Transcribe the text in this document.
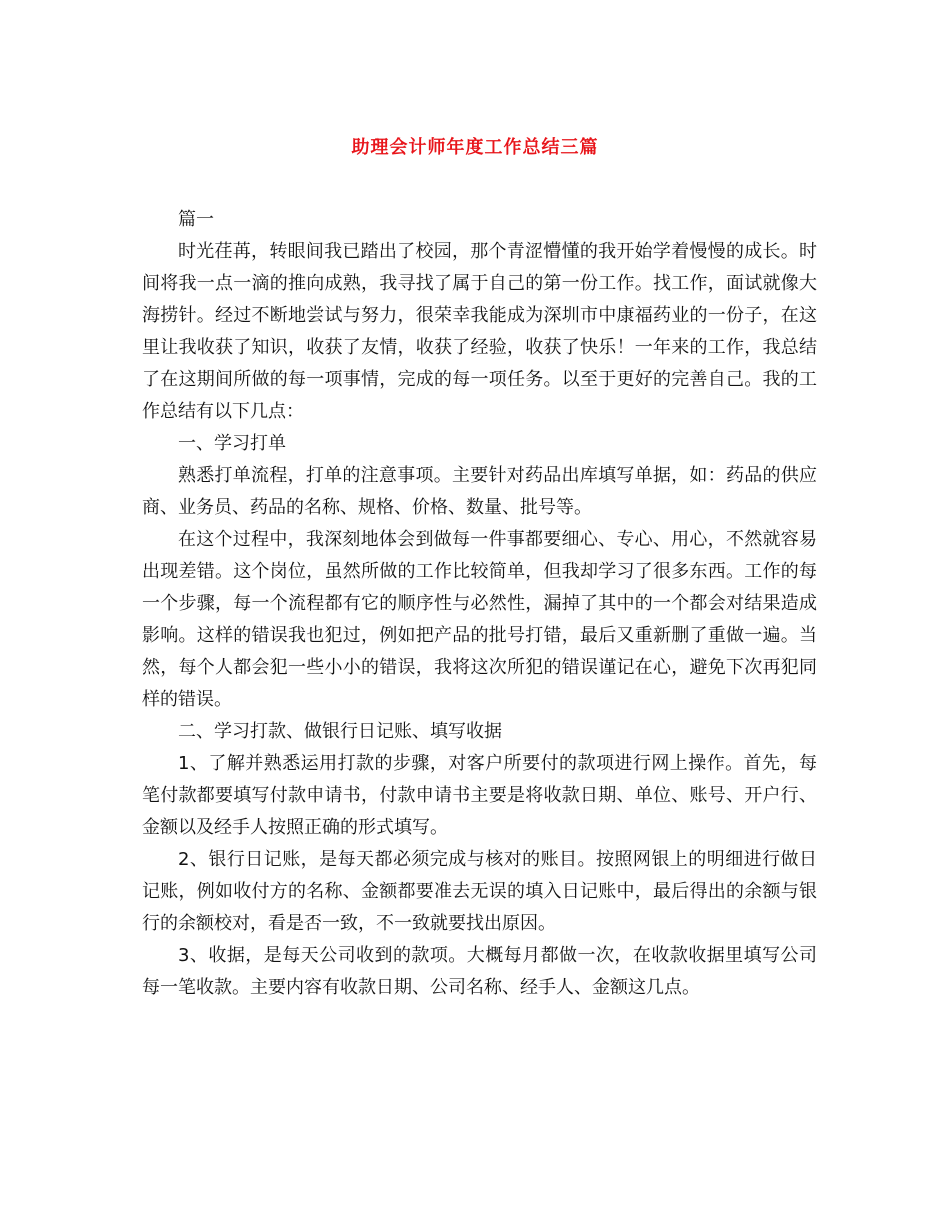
助理会计师年度工作总结三篇

篇一

时光荏苒，转眼间我已踏出了校园，那个青涩懵懂的我开始学着慢慢的成长。时间将我一点一滴的推向成熟，我寻找了属于自己的第一份工作。找工作，面试就像大海捞针。经过不断地尝试与努力，很荣幸我能成为深圳市中康福药业的一份子，在这里让我收获了知识，收获了友情，收获了经验，收获了快乐！一年来的工作，我总结了在这期间所做的每一项事情，完成的每一项任务。以至于更好的完善自己。我的工作总结有以下几点：

一、学习打单

熟悉打单流程，打单的注意事项。主要针对药品出库填写单据，如：药品的供应商、业务员、药品的名称、规格、价格、数量、批号等。

在这个过程中，我深刻地体会到做每一件事都要细心、专心、用心，不然就容易出现差错。这个岗位，虽然所做的工作比较简单，但我却学习了很多东西。工作的每一个步骤，每一个流程都有它的顺序性与必然性，漏掉了其中的一个都会对结果造成影响。这样的错误我也犯过，例如把产品的批号打错，最后又重新删了重做一遍。当然，每个人都会犯一些小小的错误，我将这次所犯的错误谨记在心，避免下次再犯同样的错误。

二、学习打款、做银行日记账、填写收据

1、了解并熟悉运用打款的步骤，对客户所要付的款项进行网上操作。首先，每笔付款都要填写付款申请书，付款申请书主要是将收款日期、单位、账号、开户行、金额以及经手人按照正确的形式填写。

2、银行日记账，是每天都必须完成与核对的账目。按照网银上的明细进行做日记账，例如收付方的名称、金额都要准去无误的填入日记账中，最后得出的余额与银行的余额校对，看是否一致，不一致就要找出原因。

3、收据，是每天公司收到的款项。大概每月都做一次，在收款收据里填写公司每一笔收款。主要内容有收款日期、公司名称、经手人、金额这几点。
